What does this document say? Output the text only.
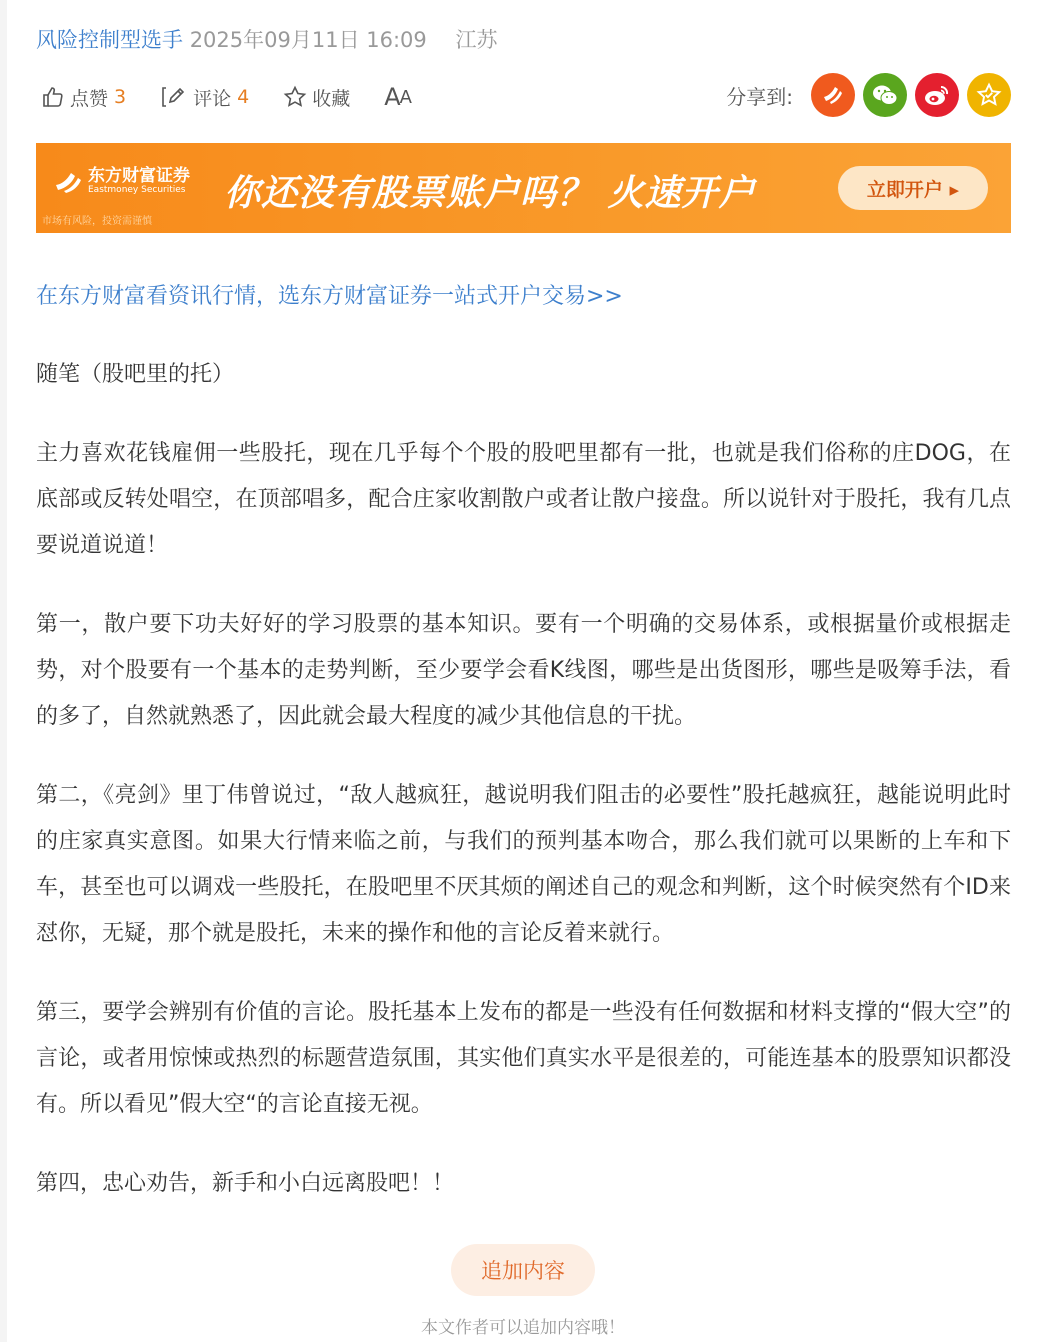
风险控制型选手 2025年09月11日 16:09 江苏
点赞 3	评论 4	收藏 A A	分享到:
东方财富证券
Eastmoney Securities
市场有风险，投资需谨慎
你还没有股票账户吗？ 火速开户	立即开户 ▸
在东方财富看资讯行情，选东方财富证券一站式开户交易>>

随笔（股吧里的托）

主力喜欢花钱雇佣一些股托，现在几乎每个个股的股吧里都有一批，也就是我们俗称的庄DOG，在底部或反转处唱空，在顶部唱多，配合庄家收割散户或者让散户接盘。所以说针对于股托，我有几点要说道说道！

第一，散户要下功夫好好的学习股票的基本知识。要有一个明确的交易体系，或根据量价或根据走势，对个股要有一个基本的走势判断，至少要学会看K线图，哪些是出货图形，哪些是吸筹手法，看的多了，自然就熟悉了，因此就会最大程度的减少其他信息的干扰。

第二，《亮剑》里丁伟曾说过，“敌人越疯狂，越说明我们阻击的必要性”股托越疯狂，越能说明此时的庄家真实意图。如果大行情来临之前，与我们的预判基本吻合，那么我们就可以果断的上车和下车，甚至也可以调戏一些股托，在股吧里不厌其烦的阐述自己的观念和判断，这个时候突然有个ID来怼你，无疑，那个就是股托，未来的操作和他的言论反着来就行。

第三，要学会辨别有价值的言论。股托基本上发布的都是一些没有任何数据和材料支撑的“假大空”的言论，或者用惊悚或热烈的标题营造氛围，其实他们真实水平是很差的，可能连基本的股票知识都没有。所以看见”假大空“的言论直接无视。

第四，忠心劝告，新手和小白远离股吧！！

追加内容
本文作者可以追加内容哦！
